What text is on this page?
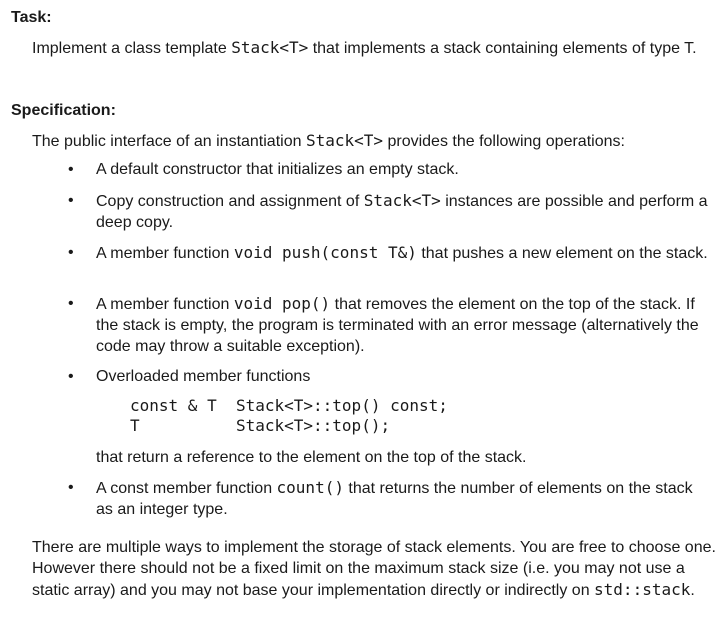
Task:
Implement a class template Stack<T> that implements a stack containing elements of type T.
Specification:
The public interface of an instantiation Stack<T> provides the following operations:
• A default constructor that initializes an empty stack.
• Copy construction and assignment of Stack<T> instances are possible and perform a deep copy.
• A member function void push(const T&) that pushes a new element on the stack.
• A member function void pop() that removes the element on the top of the stack. If the stack is empty, the program is terminated with an error message (alternatively the code may throw a suitable exception).
• Overloaded member functions
• A const member function count() that returns the number of elements on the stack as an integer type.
const & T  Stack<T>::top() const;
T          Stack<T>::top();
that return a reference to the element on the top of the stack.
There are multiple ways to implement the storage of stack elements. You are free to choose one. However there should not be a fixed limit on the maximum stack size (i.e. you may not use a static array) and you may not base your implementation directly or indirectly on std::stack.
